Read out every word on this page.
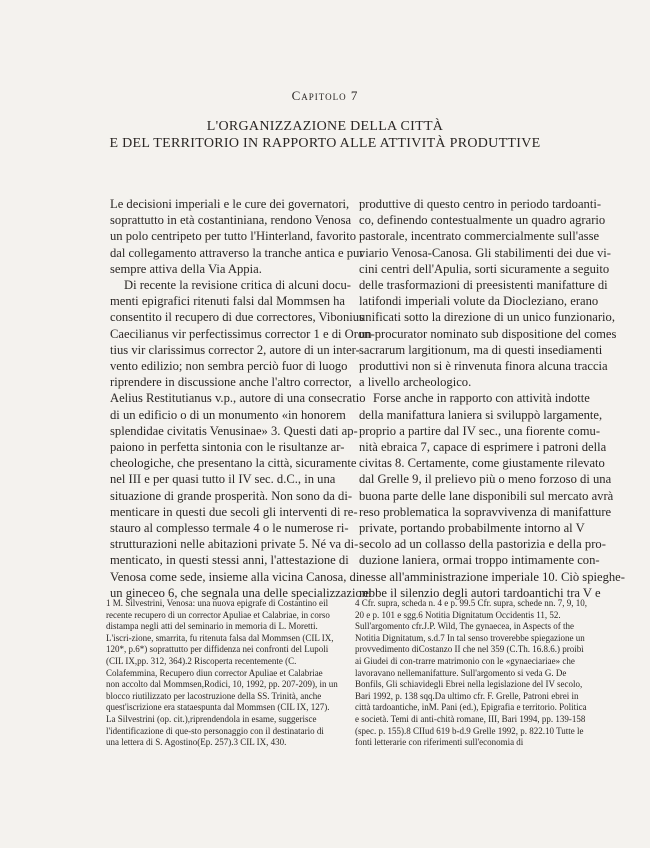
Capitolo 7
L'ORGANIZZAZIONE DELLA CITTÀ
E DEL TERRITORIO IN RAPPORTO ALLE ATTIVITÀ PRODUTTIVE
Le decisioni imperiali e le cure dei governatori,
soprattutto in età costantiniana, rendono Venosa
un polo centripeto per tutto l'Hinterland, favorito
dal collegamento attraverso la tranche antica e pur
sempre attiva della Via Appia.
Di recente la revisione critica di alcuni docu-
menti epigrafici ritenuti falsi dal Mommsen ha
consentito il recupero di due correctores, Vibonius
Caecilianus vir perfectissimus corrector 1 e di Oron-
tius vir clarissimus corrector 2, autore di un inter-
vento edilizio; non sembra perciò fuor di luogo
riprendere in discussione anche l'altro corrector,
Aelius Restitutianus v.p., autore di una consecratio
di un edificio o di un monumento «in honorem
splendidae civitatis Venusinae» 3. Questi dati ap-
paiono in perfetta sintonia con le risultanze ar-
cheologiche, che presentano la città, sicuramente
nel III e per quasi tutto il IV sec. d.C., in una
situazione di grande prosperità. Non sono da di-
menticare in questi due secoli gli interventi di re-
stauro al complesso termale 4 o le numerose ri-
strutturazioni nelle abitazioni private 5. Né va di-
menticato, in questi stessi anni, l'attestazione di
Venosa come sede, insieme alla vicina Canosa, di
un gineceo 6, che segnala una delle specializzazioni
produttive di questo centro in periodo tardoanti-
co, definendo contestualmente un quadro agrario
pastorale, incentrato commercialmente sull'asse
viario Venosa-Canosa. Gli stabilimenti dei due vi-
cini centri dell'Apulia, sorti sicuramente a seguito
delle trasformazioni di preesistenti manifatture di
latifondi imperiali volute da Diocleziano, erano
unificati sotto la direzione di un unico funzionario,
un procurator nominato sub dispositione del comes
sacrarum largitionum, ma di questi insediamenti
produttivi non si è rinvenuta finora alcuna traccia
a livello archeologico.
Forse anche in rapporto con attività indotte
della manifattura laniera si sviluppò largamente,
proprio a partire dal IV sec., una fiorente comu-
nità ebraica 7, capace di esprimere i patroni della
civitas 8. Certamente, come giustamente rilevato
dal Grelle 9, il prelievo più o meno forzoso di una
buona parte delle lane disponibili sul mercato avrà
reso problematica la sopravvivenza di manifatture
private, portando probabilmente intorno al V
secolo ad un collasso della pastorizia e della pro-
duzione laniera, ormai troppo intimamente con-
nesse all'amministrazione imperiale 10. Ciò spieghe-
rebbe il silenzio degli autori tardoantichi tra V e
1 M. Silvestrini, Venosa: una nuova epigrafe di Costantino eil recente recupero di un corrector Apuliae et Calabriae, in corso distampa negli atti del seminario in memoria di L. Moretti. L'iscri-zione, smarrita, fu ritenuta falsa dal Mommsen (CIL IX, 120*, p.6*) soprattutto per diffidenza nei confronti del Lupoli (CIL IX,pp. 312, 364).2 Riscoperta recentemente (C. Colafemmina, Recupero diun corrector Apuliae et Calabriae non accolto dal Mommsen,Rodici, 10, 1992, pp. 207-209), in un blocco riutilizzato per lacostruzione della SS. Trinità, anche quest'iscrizione era stataespunta dal Mommsen (CIL IX, 127). La Silvestrini (op. cit.),riprendendola in esame, suggerisce l'identificazione di que-sto personaggio con il destinatario di una lettera di S. Agostino(Ep. 257).3 CIL IX, 430.
4 Cfr. supra, scheda n. 4 e p. 99.5 Cfr. supra, schede nn. 7, 9, 10, 20 e p. 101 e sgg.6 Notitia Dignitatum Occidentis 11, 52. Sull'argomento cfr.J.P. Wild, The gynaecea, in Aspects of the Notitia Dignitatum, s.d.7 In tal senso troverebbe spiegazione un provvedimento diCostanzo II che nel 359 (C.Th. 16.8.6.) proibì ai Giudei di con-trarre matrimonio con le «gynaeciariae» che lavoravano nellemanifatture. Sull'argomento si veda G. De Bonfils, Gli schiavidegli Ebrei nella legislazione del IV secolo, Bari 1992, p. 138 sqq.Da ultimo cfr. F. Grelle, Patroni ebrei in città tardoantiche, inM. Pani (ed.), Epigrafia e territorio. Politica e società. Temi di anti-chità romane, III, Bari 1994, pp. 139-158 (spec. p. 155).8 CIIud 619 b-d.9 Grelle 1992, p. 822.10 Tutte le fonti letterarie con riferimenti sull'economia di
